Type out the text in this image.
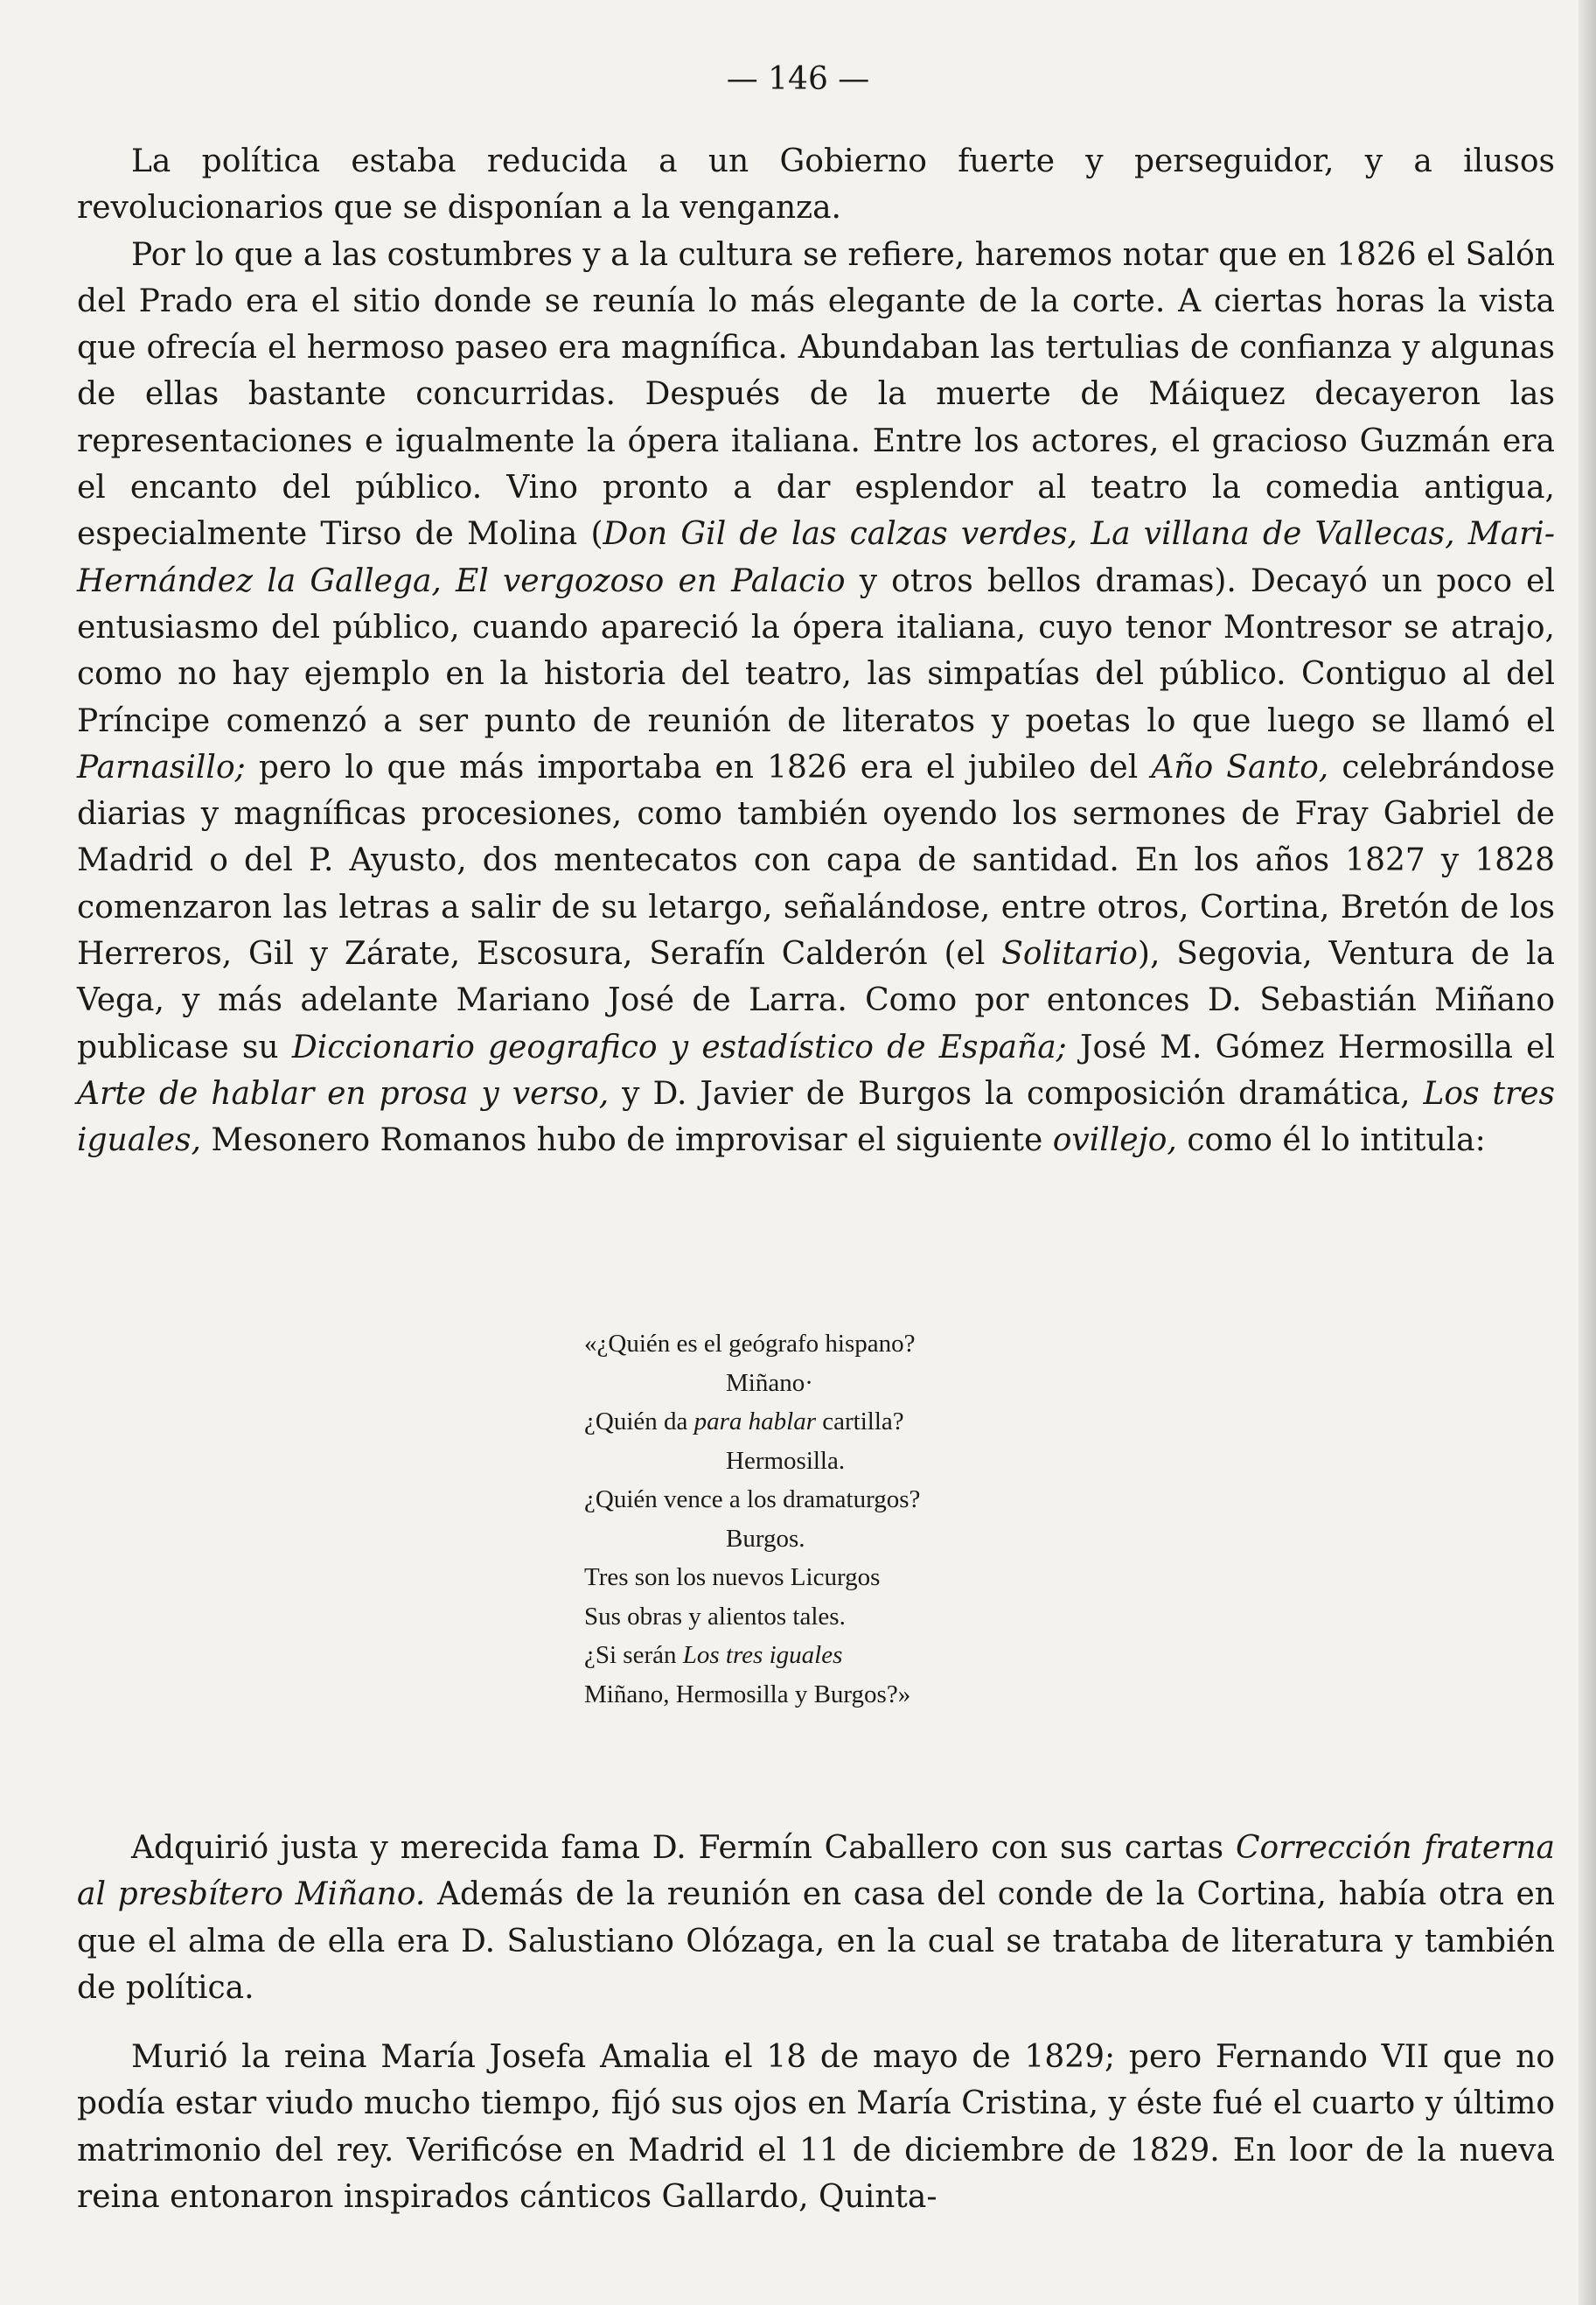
— 146 —

La política estaba reducida a un Gobierno fuerte y perseguidor, y a ilusos revolucionarios que se disponían a la venganza.

Por lo que a las costumbres y a la cultura se refiere, haremos notar que en 1826 el Salón del Prado era el sitio donde se reunía lo más elegante de la corte. A ciertas horas la vista que ofrecía el hermoso paseo era magnífica. Abundaban las tertulias de confianza y algunas de ellas bastante concurridas. Después de la muerte de Máiquez decayeron las representaciones e igualmente la ópera italiana. Entre los actores, el gracioso Guzmán era el encanto del público. Vino pronto a dar esplendor al teatro la comedia antigua, especialmente Tirso de Molina (Don Gil de las calzas verdes, La villana de Vallecas, Mari-Hernández la Gallega, El vergozoso en Palacio y otros bellos dramas). Decayó un poco el entusiasmo del público, cuando apareció la ópera italiana, cuyo tenor Montresor se atrajo, como no hay ejemplo en la historia del teatro, las simpatías del público. Contiguo al del Príncipe comenzó a ser punto de reunión de literatos y poetas lo que luego se llamó el Parnasillo; pero lo que más importaba en 1826 era el jubileo del Año Santo, celebrándose diarias y magníficas procesiones, como también oyendo los sermones de Fray Gabriel de Madrid o del P. Ayusto, dos mentecatos con capa de santidad. En los años 1827 y 1828 comenzaron las letras a salir de su letargo, señalándose, entre otros, Cortina, Bretón de los Herreros, Gil y Zárate, Escosura, Serafín Calderón (el Solitario), Segovia, Ventura de la Vega, y más adelante Mariano José de Larra. Como por entonces D. Sebastián Miñano publicase su Diccionario geografico y estadístico de España; José M. Gómez Hermosilla el Arte de hablar en prosa y verso, y D. Javier de Burgos la composición dramática, Los tres iguales, Mesonero Romanos hubo de improvisar el siguiente ovillejo, como él lo intitula:

«¿Quién es el geógrafo hispano?
Miñano·
¿Quién da para hablar cartilla?
Hermosilla.
¿Quién vence a los dramaturgos?
Burgos.
Tres son los nuevos Licurgos
Sus obras y alientos tales.
¿Si serán Los tres iguales
Miñano, Hermosilla y Burgos?»

Adquirió justa y merecida fama D. Fermín Caballero con sus cartas Corrección fraterna al presbítero Miñano. Además de la reunión en casa del conde de la Cortina, había otra en que el alma de ella era D. Salustiano Olózaga, en la cual se trataba de literatura y también de política.

Murió la reina María Josefa Amalia el 18 de mayo de 1829; pero Fernando VII que no podía estar viudo mucho tiempo, fijó sus ojos en María Cristina, y éste fué el cuarto y último matrimonio del rey. Verificóse en Madrid el 11 de diciembre de 1829. En loor de la nueva reina entonaron inspirados cánticos Gallardo, Quinta-
